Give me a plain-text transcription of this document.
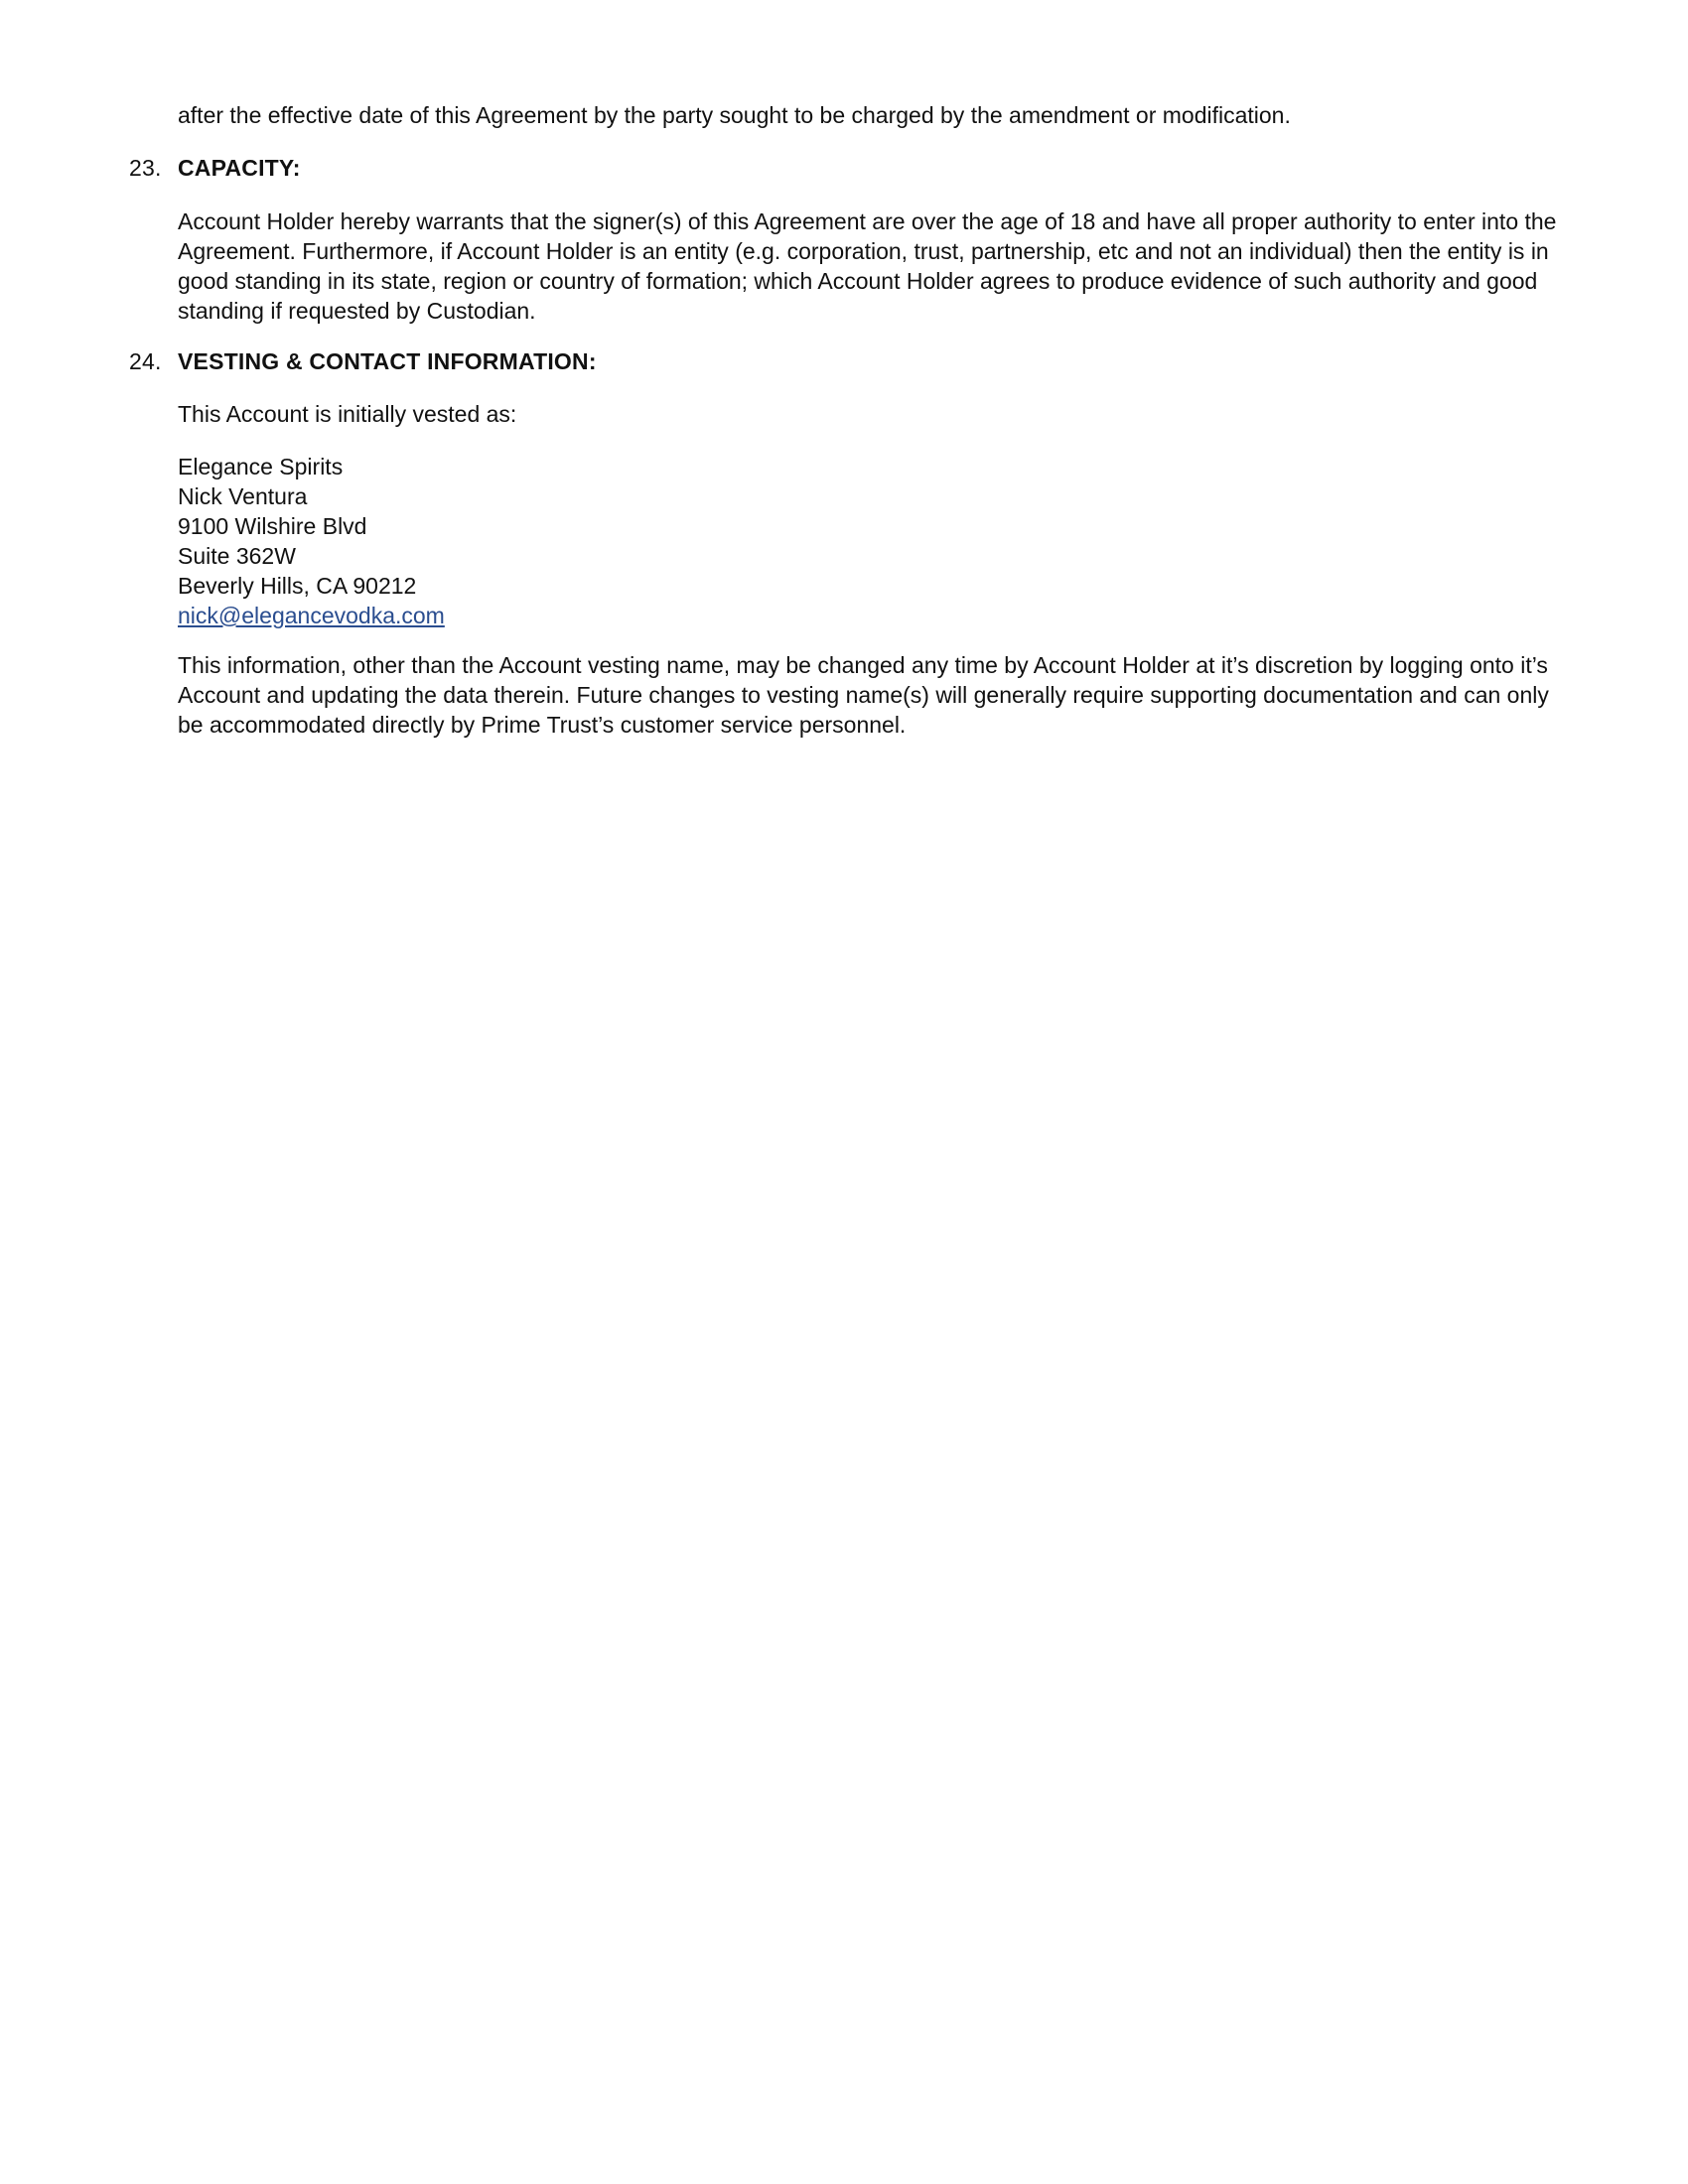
after the effective date of this Agreement by the party sought to be charged by the amendment or modification.

23. CAPACITY:

Account Holder hereby warrants that the signer(s) of this Agreement are over the age of 18 and have all proper authority to enter into the Agreement. Furthermore, if Account Holder is an entity (e.g. corporation, trust, partnership, etc and not an individual) then the entity is in good standing in its state, region or country of formation; which Account Holder agrees to produce evidence of such authority and good standing if requested by Custodian.

24. VESTING & CONTACT INFORMATION:

This Account is initially vested as:

Elegance Spirits
Nick Ventura
9100 Wilshire Blvd
Suite 362W
Beverly Hills, CA 90212
nick@elegancevodka.com

This information, other than the Account vesting name, may be changed any time by Account Holder at it’s discretion by logging onto it’s Account and updating the data therein. Future changes to vesting name(s) will generally require supporting documentation and can only be accommodated directly by Prime Trust’s customer service personnel.
